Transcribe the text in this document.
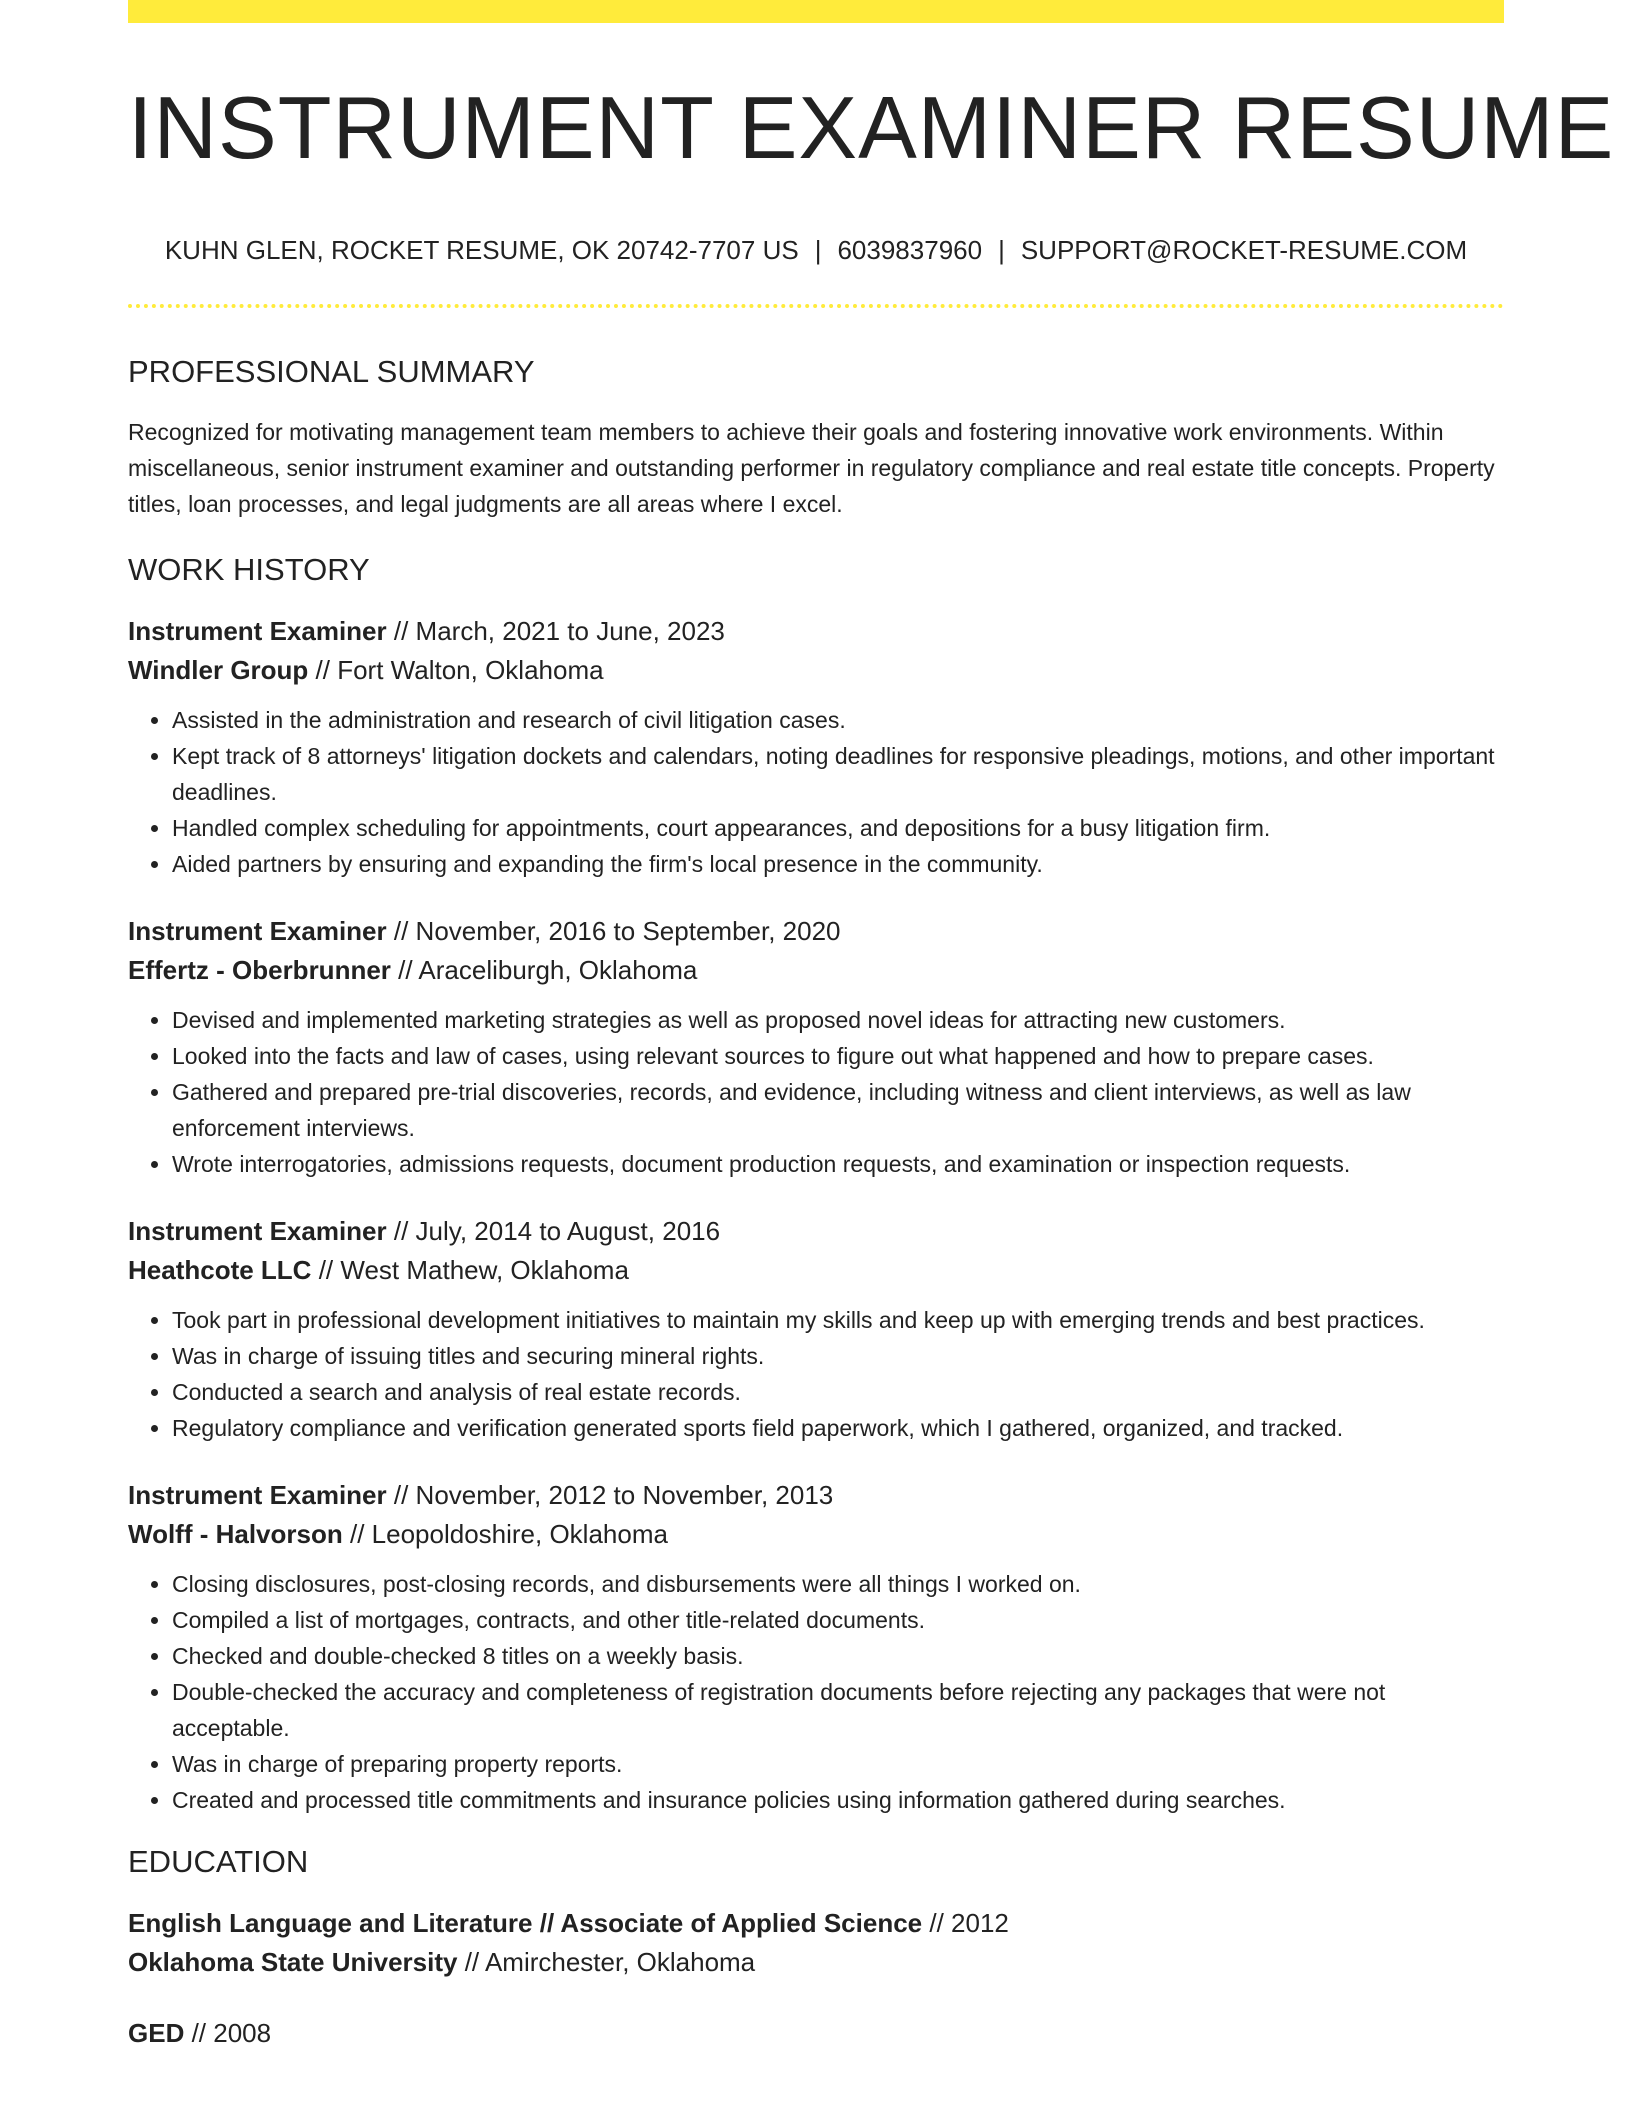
INSTRUMENT EXAMINER RESUME
KUHN GLEN, ROCKET RESUME, OK 20742-7707 US | 6039837960 | SUPPORT@ROCKET-RESUME.COM
PROFESSIONAL SUMMARY

Recognized for motivating management team members to achieve their goals and fostering innovative work environments. Within miscellaneous, senior instrument examiner and outstanding performer in regulatory compliance and real estate title concepts. Property titles, loan processes, and legal judgments are all areas where I excel.

WORK HISTORY
Instrument Examiner // March, 2021 to June, 2023
Windler Group // Fort Walton, Oklahoma
• Assisted in the administration and research of civil litigation cases.
• Kept track of 8 attorneys' litigation dockets and calendars, noting deadlines for responsive pleadings, motions, and other important deadlines.
• Handled complex scheduling for appointments, court appearances, and depositions for a busy litigation firm.
• Aided partners by ensuring and expanding the firm's local presence in the community.
Instrument Examiner // November, 2016 to September, 2020
Effertz - Oberbrunner // Araceliburgh, Oklahoma
• Devised and implemented marketing strategies as well as proposed novel ideas for attracting new customers.
• Looked into the facts and law of cases, using relevant sources to figure out what happened and how to prepare cases.
• Gathered and prepared pre-trial discoveries, records, and evidence, including witness and client interviews, as well as law enforcement interviews.
• Wrote interrogatories, admissions requests, document production requests, and examination or inspection requests.
Instrument Examiner // July, 2014 to August, 2016
Heathcote LLC // West Mathew, Oklahoma
• Took part in professional development initiatives to maintain my skills and keep up with emerging trends and best practices.
• Was in charge of issuing titles and securing mineral rights.
• Conducted a search and analysis of real estate records.
• Regulatory compliance and verification generated sports field paperwork, which I gathered, organized, and tracked.
Instrument Examiner // November, 2012 to November, 2013
Wolff - Halvorson // Leopoldoshire, Oklahoma
• Closing disclosures, post-closing records, and disbursements were all things I worked on.
• Compiled a list of mortgages, contracts, and other title-related documents.
• Checked and double-checked 8 titles on a weekly basis.
• Double-checked the accuracy and completeness of registration documents before rejecting any packages that were not acceptable.
• Was in charge of preparing property reports.
• Created and processed title commitments and insurance policies using information gathered during searches.
EDUCATION
English Language and Literature // Associate of Applied Science // 2012
Oklahoma State University // Amirchester, Oklahoma
GED // 2008
